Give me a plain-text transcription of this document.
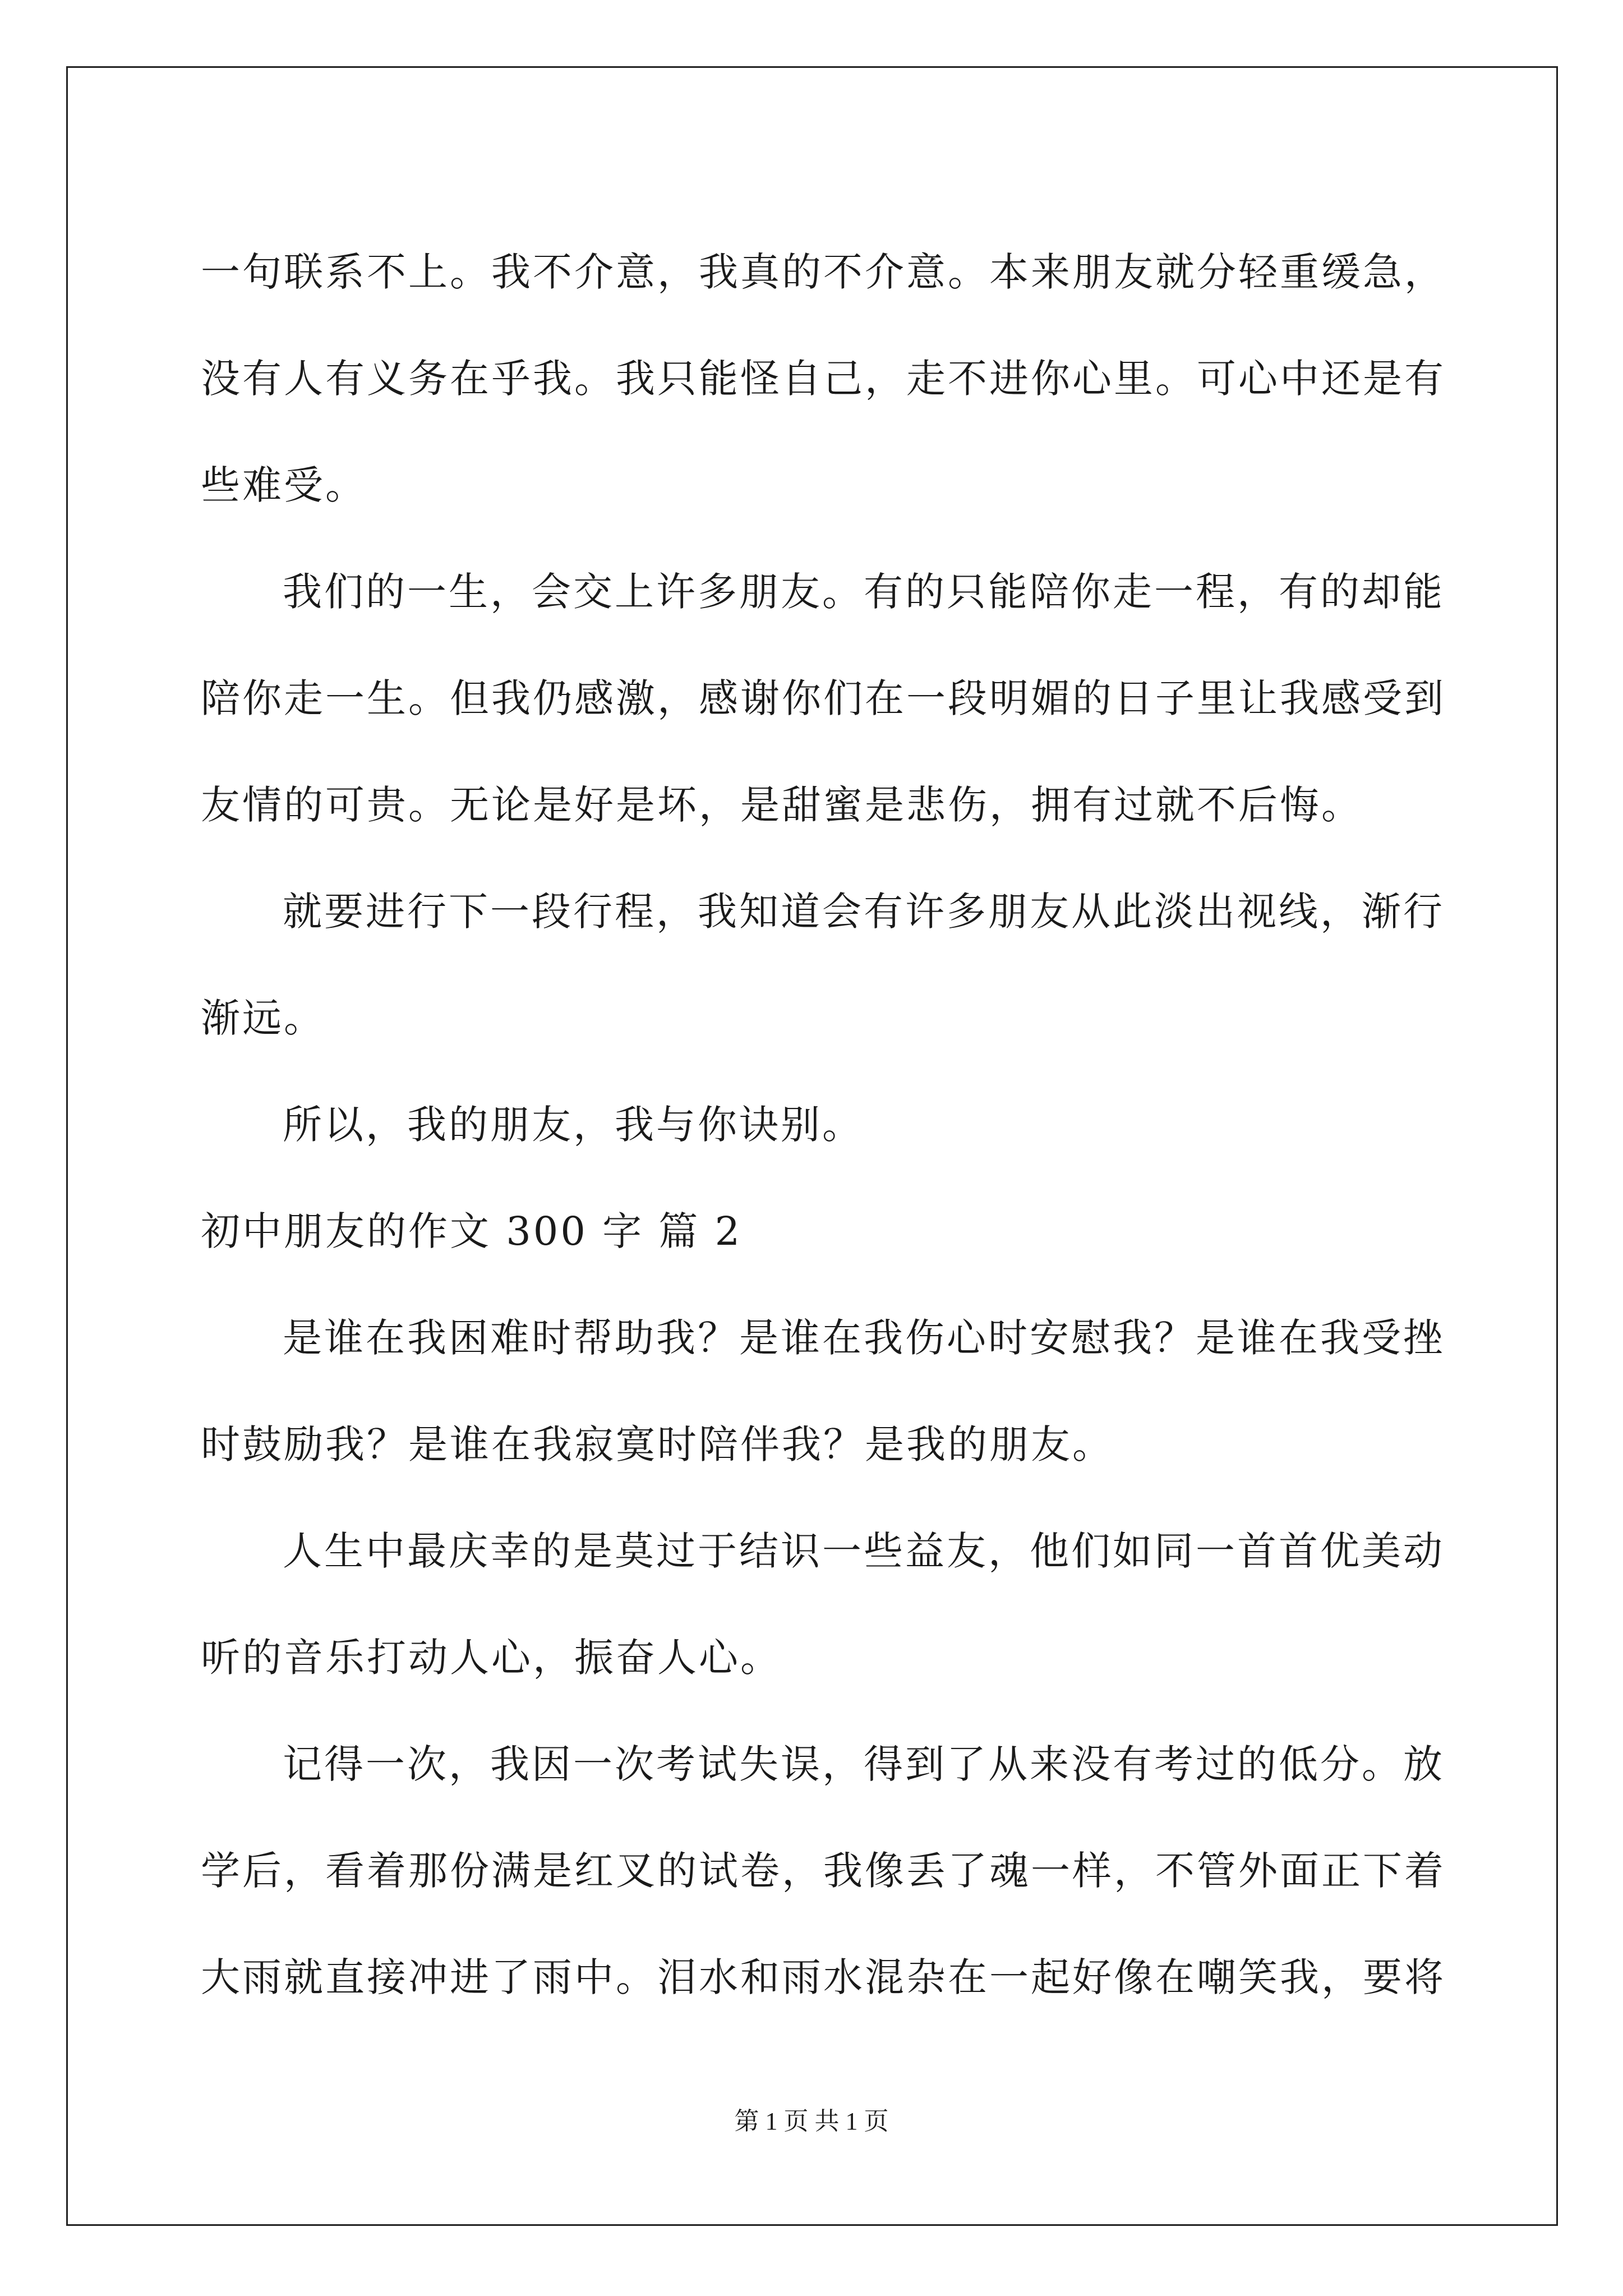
一句联系不上。我不介意，我真的不介意。本来朋友就分轻重缓急，
没有人有义务在乎我。我只能怪自己，走不进你心里。可心中还是有
些难受。
我们的一生，会交上许多朋友。有的只能陪你走一程，有的却能
陪你走一生。但我仍感激，感谢你们在一段明媚的日子里让我感受到
友情的可贵。无论是好是坏，是甜蜜是悲伤，拥有过就不后悔。
就要进行下一段行程，我知道会有许多朋友从此淡出视线，渐行
渐远。
所以，我的朋友，我与你诀别。
初中朋友的作文 300 字 篇 2
是谁在我困难时帮助我？是谁在我伤心时安慰我？是谁在我受挫
时鼓励我？是谁在我寂寞时陪伴我？是我的朋友。
人生中最庆幸的是莫过于结识一些益友，他们如同一首首优美动
听的音乐打动人心，振奋人心。
记得一次，我因一次考试失误，得到了从来没有考过的低分。放
学后，看着那份满是红叉的试卷，我像丢了魂一样，不管外面正下着
大雨就直接冲进了雨中。泪水和雨水混杂在一起好像在嘲笑我，要将
第 1 页 共 1 页
